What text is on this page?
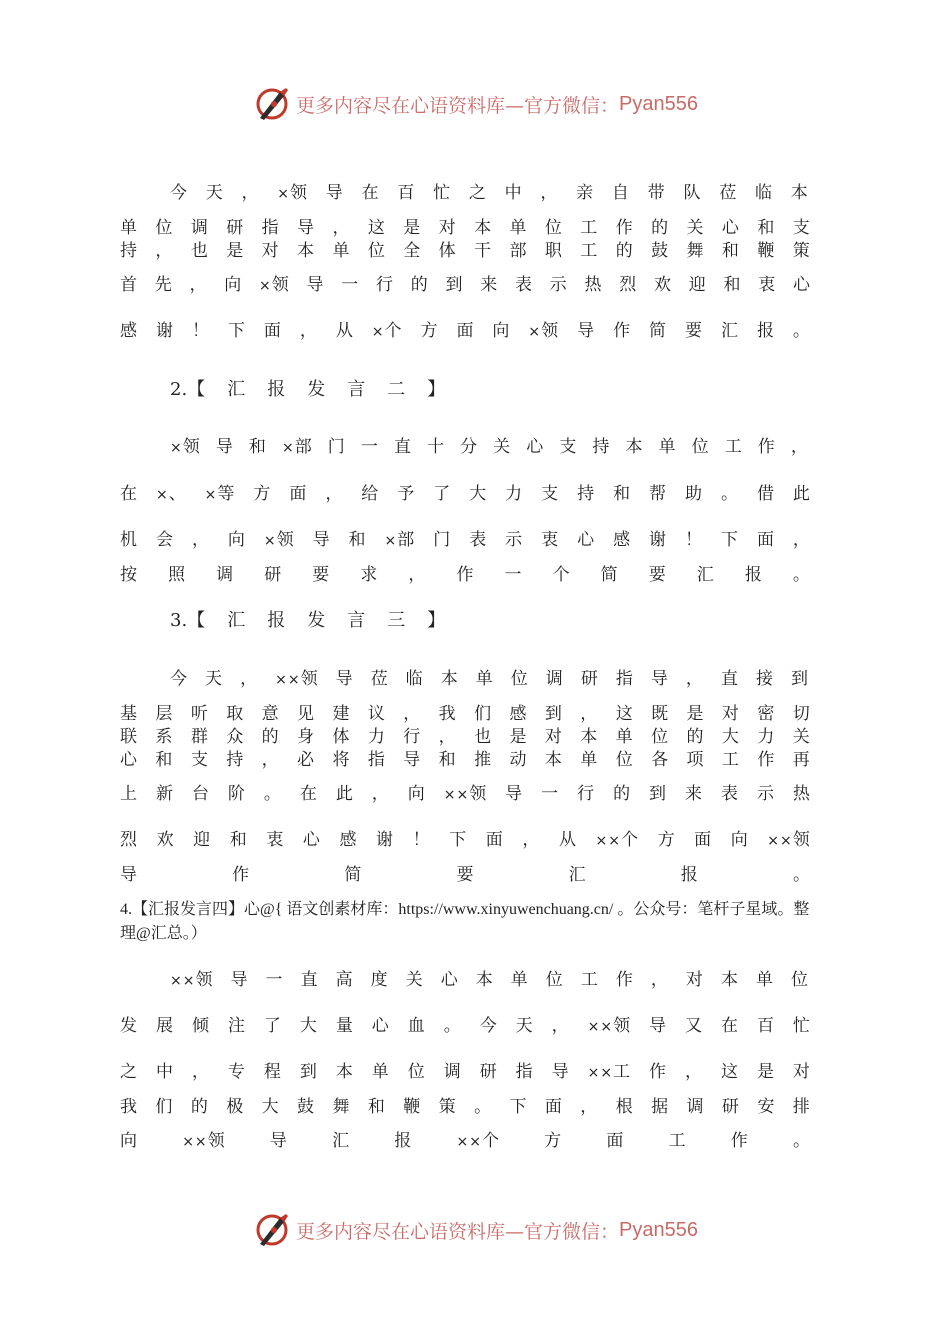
更多内容尽在心语资料库—官方微信： Pyan556
今 天 ， ×领 导 在 百 忙 之 中 ， 亲 自 带 队 莅 临 本
单 位 调 研 指 导 ， 这 是 对 本 单 位 工 作 的 关 心 和 支
持 ， 也 是 对 本 单 位 全 体 干 部 职 工 的 鼓 舞 和 鞭 策
首 先 ， 向 ×领 导 一 行 的 到 来 表 示 热 烈 欢 迎 和 衷 心
感 谢 ！ 下 面 ， 从 ×个 方 面 向 ×领 导 作 简 要 汇 报 。
2.【 汇 报 发 言 二 】
×领 导 和 ×部 门 一 直 十 分 关 心 支 持 本 单 位 工 作 ，
在 ×、 ×等 方 面 ， 给 予 了 大 力 支 持 和 帮 助 。 借 此
机 会 ， 向 ×领 导 和 ×部 门 表 示 衷 心 感 谢 ！ 下 面 ，
按 照 调 研 要 求 ， 作 一 个 简 要 汇 报 。
3.【 汇 报 发 言 三 】
今 天 ， ××领 导 莅 临 本 单 位 调 研 指 导 ， 直 接 到
基 层 听 取 意 见 建 议 ， 我 们 感 到 ， 这 既 是 对 密 切
联 系 群 众 的 身 体 力 行 ， 也 是 对 本 单 位 的 大 力 关
心 和 支 持 ， 必 将 指 导 和 推 动 本 单 位 各 项 工 作 再
上 新 台 阶 。 在 此 ， 向 ××领 导 一 行 的 到 来 表 示 热
烈 欢 迎 和 衷 心 感 谢 ！ 下 面 ， 从 ××个 方 面 向 ××领
导	作	简	要	汇	报	。
××领 导 一 直 高 度 关 心 本 单 位 工 作 ， 对 本 单 位
发 展 倾 注 了 大 量 心 血 。 今 天 ， ××领 导 又 在 百 忙
之 中 ， 专 程 到 本 单 位 调 研 指 导 ××工 作 ， 这 是 对
我 们 的 极 大 鼓 舞 和 鞭 策 。 下 面 ， 根 据 调 研 安 排
向	××领	导	汇	报	××个	方	面	工	作	。
4.【汇报发言四】心@{ 语文创素材库：https://www.xinyuwenchuang.cn/ 。公众号：笔杆子星域。整理@汇总。）
更多内容尽在心语资料库—官方微信： Pyan556
